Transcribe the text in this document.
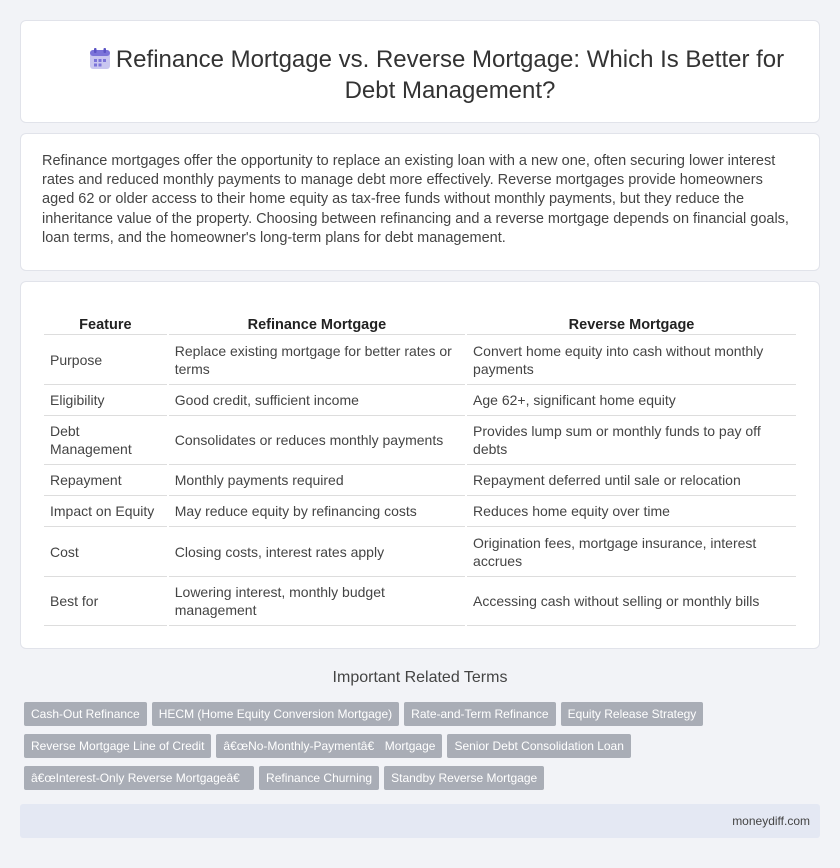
Refinance Mortgage vs. Reverse Mortgage: Which Is Better for Debt Management?

Refinance mortgages offer the opportunity to replace an existing loan with a new one, often securing lower interest rates and reduced monthly payments to manage debt more effectively. Reverse mortgages provide homeowners aged 62 or older access to their home equity as tax-free funds without monthly payments, but they reduce the inheritance value of the property. Choosing between refinancing and a reverse mortgage depends on financial goals, loan terms, and the homeowner's long-term plans for debt management.

Feature	Refinance Mortgage	Reverse Mortgage
Purpose	Replace existing mortgage for better rates or terms	Convert home equity into cash without monthly payments
Eligibility	Good credit, sufficient income	Age 62+, significant home equity
Debt Management	Consolidates or reduces monthly payments	Provides lump sum or monthly funds to pay off debts
Repayment	Monthly payments required	Repayment deferred until sale or relocation
Impact on Equity	May reduce equity by refinancing costs	Reduces home equity over time
Cost	Closing costs, interest rates apply	Origination fees, mortgage insurance, interest accrues
Best for	Lowering interest, monthly budget management	Accessing cash without selling or monthly bills
Important Related Terms
Cash-Out Refinance HECM (Home Equity Conversion Mortgage) Rate-and-Term Refinance Equity Release Strategy
Reverse Mortgage Line of Credit â€œNo-Monthly-Paymentâ€ Mortgage Senior Debt Consolidation Loan
â€œInterest-Only Reverse Mortgageâ€ Refinance Churning Standby Reverse Mortgage
moneydiff.com
